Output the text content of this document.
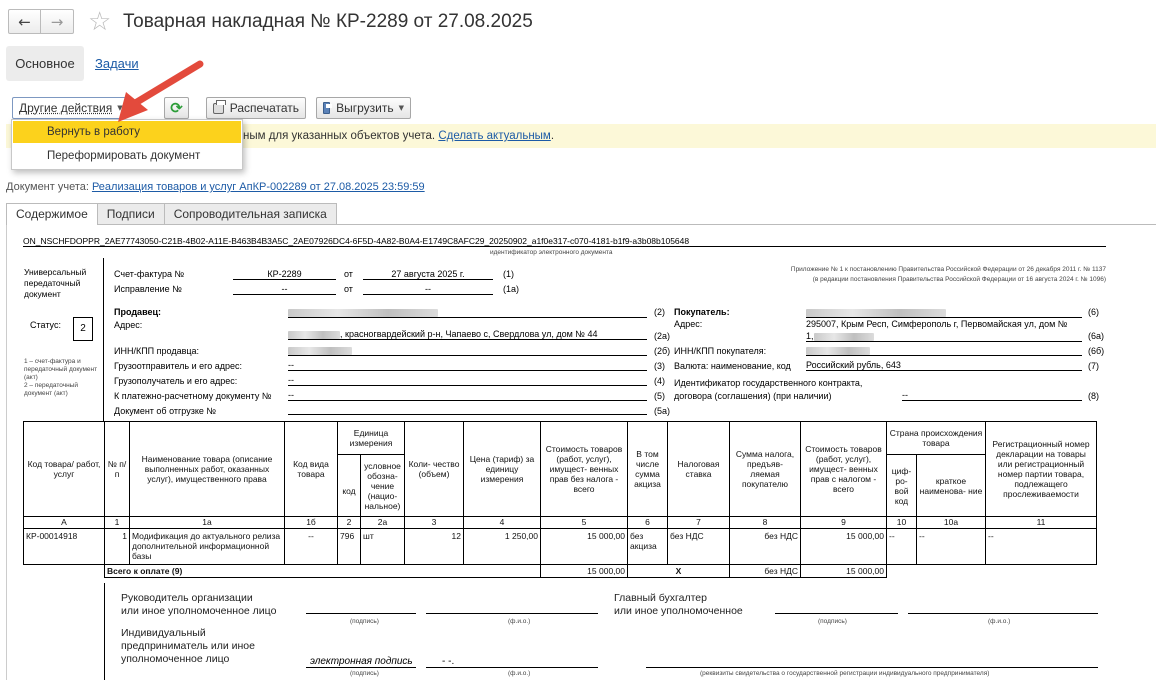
← → ☆ Товарная накладная № КР-2289 от 27.08.2025
Основное	Задачи
ным для указанных объектов учета. Сделать актуальным.
Другие действия ▼	⟳	Распечатать	Выгрузить ▼
Вернуть в работу
Переформировать документ
Документ учета: Реализация товаров и услуг АпКР-002289 от 27.08.2025 23:59:59
Содержимое	Подписи	Сопроводительная записка
ON_NSCHFDOPPR_2AE77743050-C21B-4B02-A11E-B463B4B3A5C_2AE07926DC4-6F5D-4A82-B0A4-E1749C8AFC29_20250902_a1f0e317-c070-4181-b1f9-a3b08b105648
идентификатор электронного документа
Универсальный передаточный документ
Статус:	2
1 – счет-фактура и передаточный документ (акт)
2 – передаточный документ (акт)
Счет-фактура №	КР-2289	от	27 августа 2025 г.	(1)
Исправление №	--	от	--	(1а)
Приложение № 1 к постановлению Правительства Российской Федерации от 26 декабря 2011 г. № 1137
(в редакции постановления Правительства Российской Федерации от 16 августа 2024 г. № 1096)
Продавец:	(2)
Адрес:
, красногвардейский р-н, Чапаево с, Свердлова ул, дом № 44	(2а)
ИНН/КПП продавца:	(2б)
Грузоотправитель и его адрес:	--	(3)
Грузополучатель и его адрес:	--	(4)
К платежно-расчетному документу № --	(5)
Документ об отгрузке №	(5а)
Покупатель:	(6)
Адрес:	295007, Крым Респ, Симферополь г, Первомайская ул, дом №
1,	(6а)
ИНН/КПП покупателя:	(6б)
Валюта: наименование, код Российский рубль, 643	(7)
Идентификатор государственного контракта, договора (соглашения) (при наличии)	--	(8)
Код товара/ работ, услуг	№ п/п	Наименование товара (описание выполненных работ, оказанных услуг), имущественного права	Код вида товара	Единица измерения		Коли- чество (объем)	Цена (тариф) за единицу измерения	Стоимость товаров (работ, услуг), имущест- венных прав без налога - всего	В том числе сумма акциза	Налоговая ставка	Сумма налога, предъяв- ляемая покупателю	Стоимость товаров (работ, услуг), имущест- венных прав с налогом - всего	Страна происхождения товара		Регистрационный номер декларации на товары или регистрационный номер партии товара, подлежащего прослеживаемости
				код	условное обозна- чение (нацио- нальное)								циф- ро- вой код	краткое наименова- ние	
А	1	1а	1б	2	2а	3	4	5	6	7	8	9	10	10а	11
КР-00014918	1	Модификация до актуального релиза дополнительной информационной базы	--	796	шт	12	1 250,00	15 000,00	без акциза	без НДС	без НДС	15 000,00	--	--	--
	Всего к оплате (9)							15 000,00	X		без НДС	15 000,00			
Руководитель организации
или иное уполномоченное лицо
(подпись)	(ф.и.о.)
Главный бухгалтер
или иное уполномоченное
(подпись)	(ф.и.о.)
Индивидуальный
предприниматель или иное
уполномоченное лицо	электронная подпись
(подпись)
- -.
(ф.и.о.)	(реквизиты свидетельства о государственной регистрации индивидуального предпринимателя)
